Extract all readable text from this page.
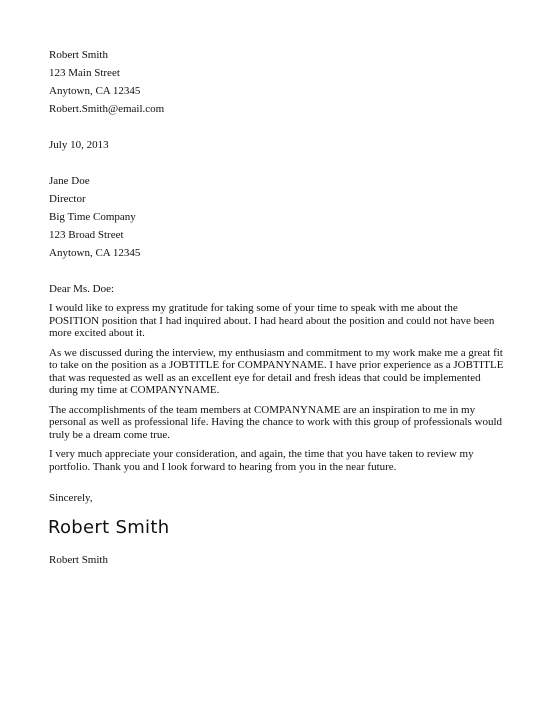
Robert Smith
123 Main Street
Anytown, CA 12345
Robert.Smith@email.com
July 10, 2013
Jane Doe
Director
Big Time Company
123 Broad Street
Anytown, CA 12345
Dear Ms. Doe:

I would like to express my gratitude for taking some of your time to speak with me about the POSITION position that I had inquired about. I had heard about the position and could not have been more excited about it.

As we discussed during the interview, my enthusiasm and commitment to my work make me a great fit to take on the position as a JOBTITLE for COMPANYNAME. I have prior experience as a JOBTITLE that was requested as well as an excellent eye for detail and fresh ideas that could be implemented during my time at COMPANYNAME.

The accomplishments of the team members at COMPANYNAME are an inspiration to me in my personal as well as professional life. Having the chance to work with this group of professionals would truly be a dream come true.

I very much appreciate your consideration, and again, the time that you have taken to review my portfolio. Thank you and I look forward to hearing from you in the near future.

Sincerely,
Robert Smith
Robert Smith
